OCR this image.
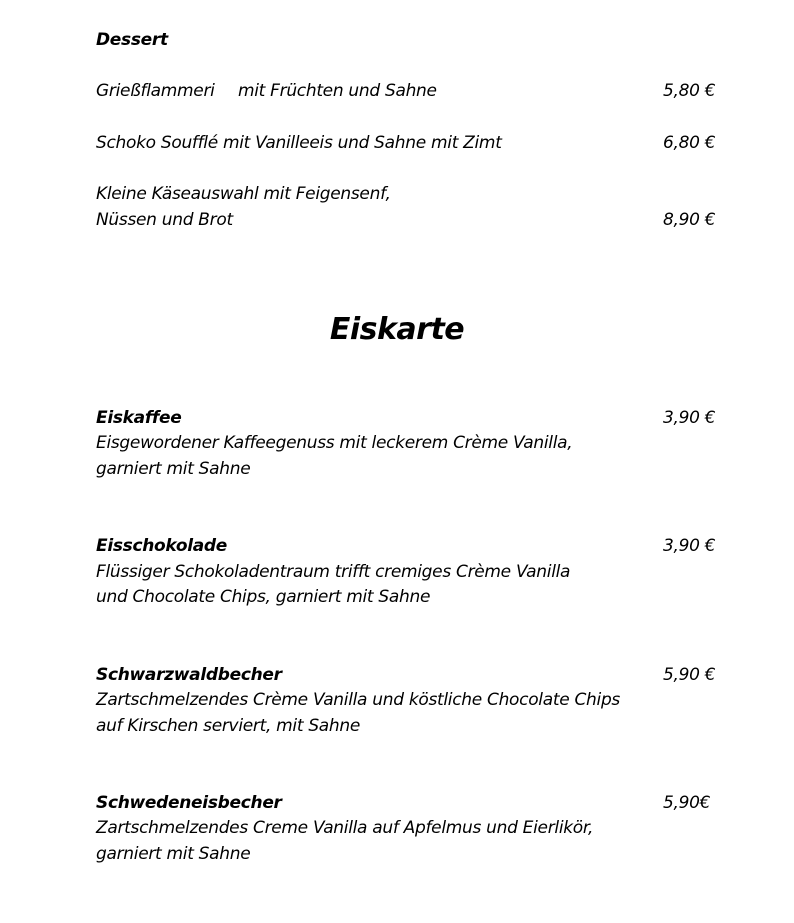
Dessert
Grießflammeri mit Früchten und Sahne	5,80 €
Schoko Soufflé mit Vanilleeis und Sahne mit Zimt	6,80 €
Kleine Käseauswahl mit Feigensenf,
Nüssen und Brot	8,90 €
Eiskarte
Eiskaffee	3,90 €
Eisgewordener Kaffeegenuss mit leckerem Crème Vanilla,
garniert mit Sahne
Eisschokolade	3,90 €
Flüssiger Schokoladentraum trifft cremiges Crème Vanilla
und Chocolate Chips, garniert mit Sahne
Schwarzwaldbecher	5,90 €
Zartschmelzendes Crème Vanilla und köstliche Chocolate Chips
auf Kirschen serviert, mit Sahne
Schwedeneisbecher	5,90€
Zartschmelzendes Creme Vanilla auf Apfelmus und Eierlikör,
garniert mit Sahne
